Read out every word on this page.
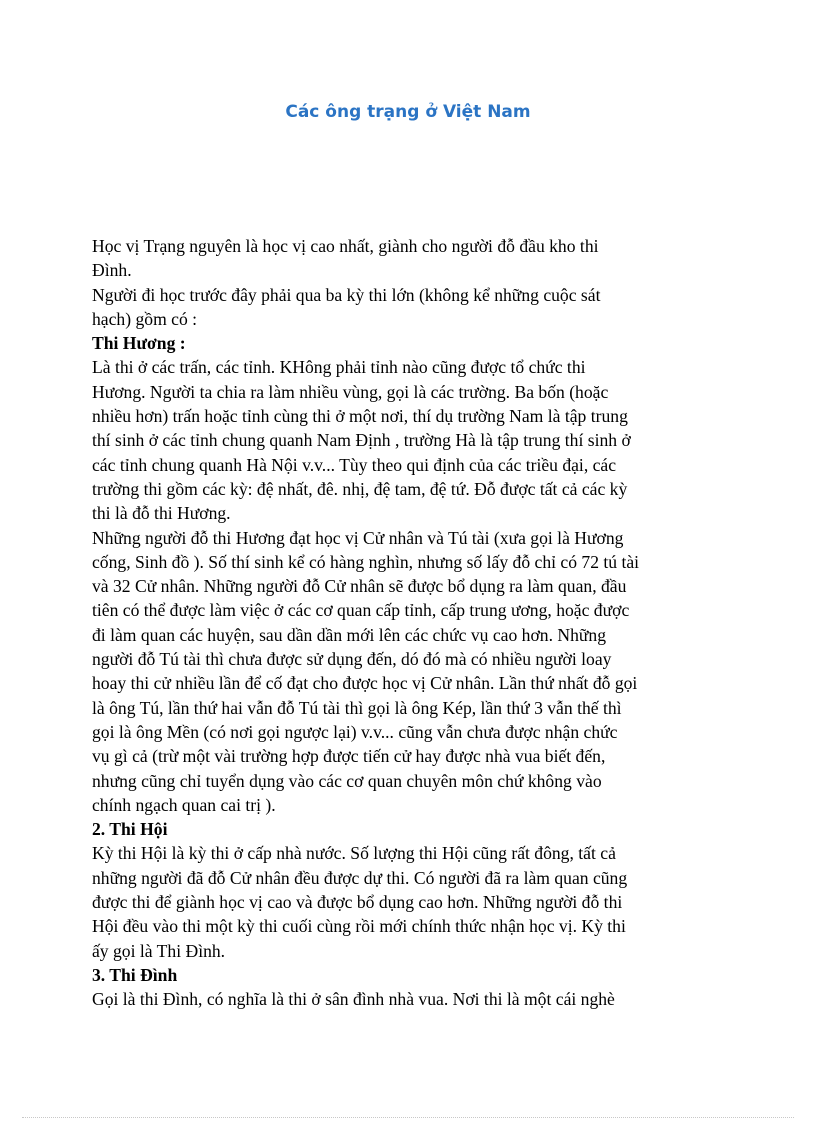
Các ông trạng ở Việt Nam
Học vị Trạng nguyên là học vị cao nhất, giành cho người đỗ đầu kho thi
Đình.
Người đi học trước đây phải qua ba kỳ thi lớn (không kể những cuộc sát
hạch) gồm có :
Thi Hương :
Là thi ở các trấn, các tỉnh. KHông phải tỉnh nào cũng được tổ chức thi
Hương. Người ta chia ra làm nhiều vùng, gọi là các trường. Ba bốn (hoặc
nhiều hơn) trấn hoặc tỉnh cùng thi ở một nơi, thí dụ trường Nam là tập trung
thí sinh ở các tỉnh chung quanh Nam Định , trường Hà là tập trung thí sinh ở
các tỉnh chung quanh Hà Nội v.v... Tùy theo qui định của các triều đại, các
trường thi gồm các kỳ: đệ nhất, đê. nhị, đệ tam, đệ tứ. Đỗ được tất cả các kỳ
thi là đỗ thi Hương.
Những người đỗ thi Hương đạt học vị Cử nhân và Tú tài (xưa gọi là Hương
cống, Sinh đồ ). Số thí sinh kể có hàng nghìn, nhưng số lấy đỗ chỉ có 72 tú tài
và 32 Cử nhân. Những người đỗ Cử nhân sẽ được bổ dụng ra làm quan, đầu
tiên có thể được làm việc ở các cơ quan cấp tỉnh, cấp trung ương, hoặc được
đi làm quan các huyện, sau dần dần mới lên các chức vụ cao hơn. Những
người đỗ Tú tài thì chưa được sử dụng đến, dó đó mà có nhiều người loay
hoay thi cử nhiều lần để cố đạt cho được học vị Cử nhân. Lần thứ nhất đỗ gọi
là ông Tú, lần thứ hai vẫn đỗ Tú tài thì gọi là ông Kép, lần thứ 3 vẫn thế thì
gọi là ông Mền (có nơi gọi ngược lại) v.v... cũng vẫn chưa được nhận chức
vụ gì cả (trừ một vài trường hợp được tiến cử hay được nhà vua biết đến,
nhưng cũng chỉ tuyển dụng vào các cơ quan chuyên môn chứ không vào
chính ngạch quan cai trị ).
2. Thi Hội
Kỳ thi Hội là kỳ thi ở cấp nhà nước. Số lượng thi Hội cũng rất đông, tất cả
những người đã đỗ Cử nhân đều được dự thi. Có người đã ra làm quan cũng
được thi để giành học vị cao và được bổ dụng cao hơn. Những người đỗ thi
Hội đều vào thi một kỳ thi cuối cùng rồi mới chính thức nhận học vị. Kỳ thi
ấy gọi là Thi Đình.
3. Thi Đình
Gọi là thi Đình, có nghĩa là thi ở sân đình nhà vua. Nơi thi là một cái nghè
